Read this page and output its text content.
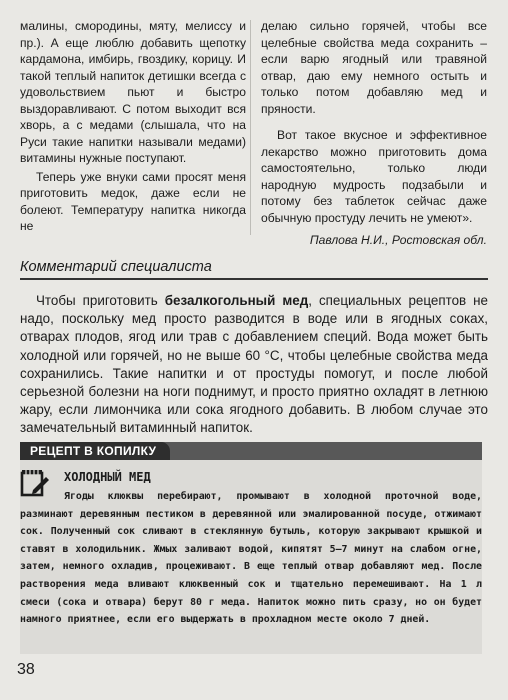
малины, смородины, мяту, мелиссу и пр.). А еще люблю добавить щепотку кардамона, имбирь, гвоздику, корицу. И такой теплый напиток детишки всегда с удовольствием пьют и быстро выздоравливают. С потом выходит вся хворь, а с медами (слышала, что на Руси такие напитки называли медами) витамины нужные поступают.

Теперь уже внуки сами просят меня приготовить медок, даже если не болеют. Температуру напитка никогда не

делаю сильно горячей, чтобы все целебные свойства меда сохранить – если варю ягодный или травяной отвар, даю ему немного остыть и только потом добавляю мед и пряности.

Вот такое вкусное и эффективное лекарство можно приготовить дома самостоятельно, только люди народную мудрость подзабыли и потому без таблеток сейчас даже обычную простуду лечить не умеют».

Павлова Н.И., Ростовская обл.

Комментарий специалиста

Чтобы приготовить безалкогольный мед, специальных рецептов не надо, поскольку мед просто разводится в воде или в ягодных соках, отварах плодов, ягод или трав с добавлением специй. Вода может быть холодной или горячей, но не выше 60 °С, чтобы целебные свойства меда сохранились. Такие напитки и от простуды помогут, и после любой серьезной болезни на ноги поднимут, и просто приятно охладят в летнюю жару, если лимончика или сока ягодного добавить. В любом случае это замечательный витаминный напиток.

РЕЦЕПТ В КОПИЛКУ
ХОЛОДНЫЙ МЕД

Ягоды клюквы перебирают, промывают в холодной проточной воде, разминают деревянным пестиком в деревянной или эмалированной посуде, отжимают сок. Полученный сок сливают в стеклянную бутыль, которую закрывают крышкой и ставят в холодильник. Жмых заливают водой, кипятят 5–7 минут на слабом огне, затем, немного охладив, процеживают. В еще теплый отвар добавляют мед. После растворения меда вливают клюквенный сок и тщательно перемешивают. На 1 л смеси (сока и отвара) берут 80 г меда. Напиток можно пить сразу, но он будет намного приятнее, если его выдержать в прохладном месте около 7 дней.

38
